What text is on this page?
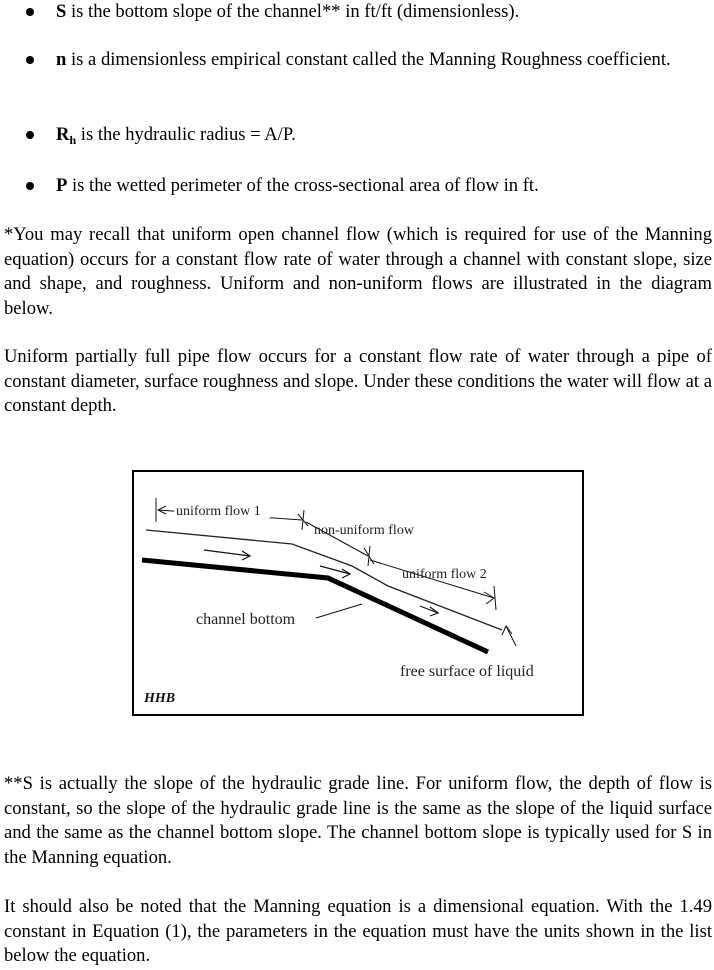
S is the bottom slope of the channel** in ft/ft (dimensionless).
n is a dimensionless empirical constant called the Manning Roughness coefficient.
$R_h$ is the hydraulic radius = A/P.
P is the wetted perimeter of the cross-sectional area of flow in ft.
*You may recall that uniform open channel flow (which is required for use of the Manning equation) occurs for a constant flow rate of water through a channel with constant slope, size and shape, and roughness. Uniform and non-uniform flows are illustrated in the diagram below.
Uniform partially full pipe flow occurs for a constant flow rate of water through a pipe of constant diameter, surface roughness and slope. Under these conditions the water will flow at a constant depth.
uniform flow 1
non-uniform flow
uniform flow 2
channel bottom
free surface of liquid
HHB
**S is actually the slope of the hydraulic grade line. For uniform flow, the depth of flow is constant, so the slope of the hydraulic grade line is the same as the slope of the liquid surface and the same as the channel bottom slope. The channel bottom slope is typically used for S in the Manning equation.
It should also be noted that the Manning equation is a dimensional equation. With the 1.49 constant in Equation (1), the parameters in the equation must have the units shown in the list below the equation.
